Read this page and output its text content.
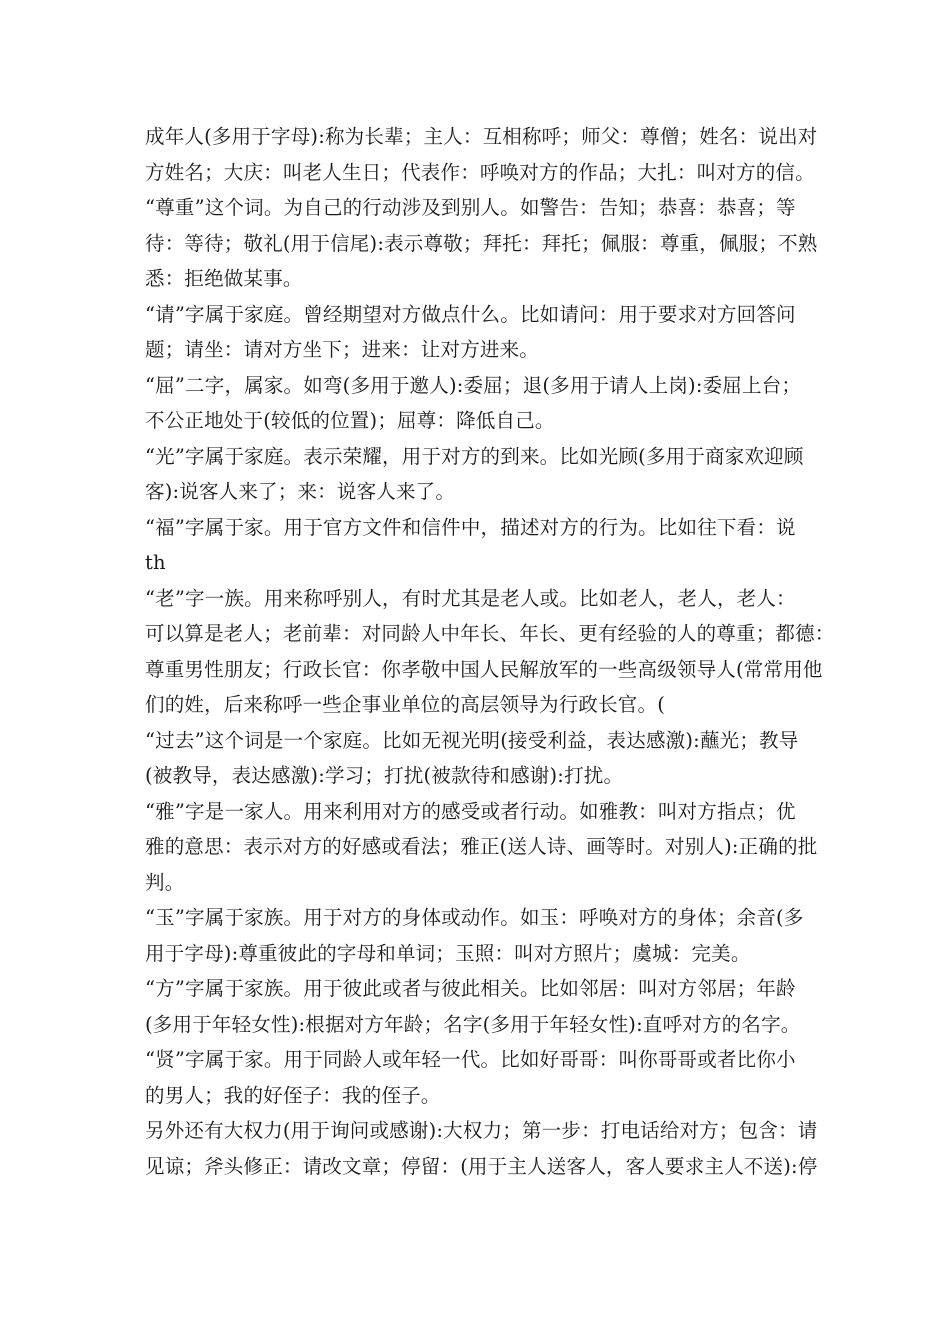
成年人(多用于字母):称为长辈；主人：互相称呼；师父：尊僧；姓名：说出对
方姓名；大庆：叫老人生日；代表作：呼唤对方的作品；大扎：叫对方的信。
“尊重”这个词。为自己的行动涉及到别人。如警告：告知；恭喜：恭喜；等
待：等待；敬礼(用于信尾):表示尊敬；拜托：拜托；佩服：尊重，佩服；不熟
悉：拒绝做某事。
“请”字属于家庭。曾经期望对方做点什么。比如请问：用于要求对方回答问
题；请坐：请对方坐下；进来：让对方进来。
“屈”二字，属家。如弯(多用于邀人):委屈；退(多用于请人上岗):委屈上台；
不公正地处于(较低的位置)；屈尊：降低自己。
“光”字属于家庭。表示荣耀，用于对方的到来。比如光顾(多用于商家欢迎顾
客):说客人来了；来：说客人来了。
“福”字属于家。用于官方文件和信件中，描述对方的行为。比如往下看：说
th
“老”字一族。用来称呼别人，有时尤其是老人或。比如老人，老人，老人：
可以算是老人；老前辈：对同龄人中年长、年长、更有经验的人的尊重；都德：
尊重男性朋友；行政长官：你孝敬中国人民解放军的一些高级领导人(常常用他
们的姓，后来称呼一些企事业单位的高层领导为行政长官。(
“过去”这个词是一个家庭。比如无视光明(接受利益，表达感激):蘸光；教导
(被教导，表达感激):学习；打扰(被款待和感谢):打扰。
“雅”字是一家人。用来利用对方的感受或者行动。如雅教：叫对方指点；优
雅的意思：表示对方的好感或看法；雅正(送人诗、画等时。对别人):正确的批
判。
“玉”字属于家族。用于对方的身体或动作。如玉：呼唤对方的身体；余音(多
用于字母):尊重彼此的字母和单词；玉照：叫对方照片；虞城：完美。
“方”字属于家族。用于彼此或者与彼此相关。比如邻居：叫对方邻居；年龄
(多用于年轻女性):根据对方年龄；名字(多用于年轻女性):直呼对方的名字。
“贤”字属于家。用于同龄人或年轻一代。比如好哥哥：叫你哥哥或者比你小
的男人；我的好侄子：我的侄子。
另外还有大权力(用于询问或感谢):大权力；第一步：打电话给对方；包含：请
见谅；斧头修正：请改文章；停留：(用于主人送客人，客人要求主人不送):停
